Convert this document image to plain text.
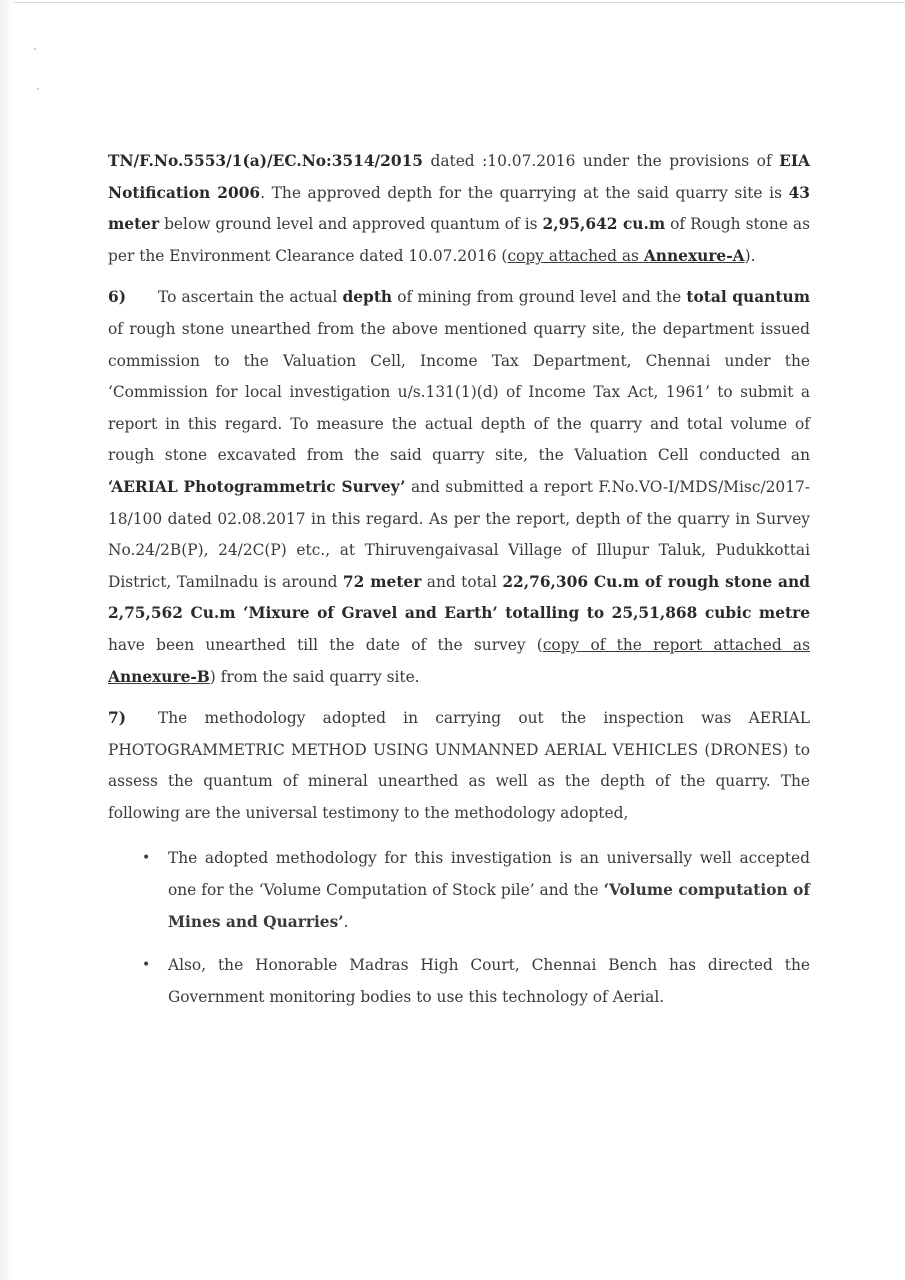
TN/F.No.5553/1(a)/EC.No:3514/2015 dated :10.07.2016 under the provisions of EIA Notification 2006. The approved depth for the quarrying at the said quarry site is 43 meter below ground level and approved quantum of is 2,95,642 cu.m of Rough stone as per the Environment Clearance dated 10.07.2016 (copy attached as Annexure-A).

6) To ascertain the actual depth of mining from ground level and the total quantum of rough stone unearthed from the above mentioned quarry site, the department issued commission to the Valuation Cell, Income Tax Department, Chennai under the ‘Commission for local investigation u/s.131(1)(d) of Income Tax Act, 1961’ to submit a report in this regard. To measure the actual depth of the quarry and total volume of rough stone excavated from the said quarry site, the Valuation Cell conducted an ‘AERIAL Photogrammetric Survey’ and submitted a report F.No.VO-I/MDS/Misc/2017-18/100 dated 02.08.2017 in this regard. As per the report, depth of the quarry in Survey No.24/2B(P), 24/2C(P) etc., at Thiruvengaivasal Village of Illupur Taluk, Pudukkottai District, Tamilnadu is around 72 meter and total 22,76,306 Cu.m of rough stone and 2,75,562 Cu.m ‘Mixure of Gravel and Earth’ totalling to 25,51,868 cubic metre have been unearthed till the date of the survey (copy of the report attached as Annexure-B) from the said quarry site.

7) The methodology adopted in carrying out the inspection was AERIAL PHOTOGRAMMETRIC METHOD USING UNMANNED AERIAL VEHICLES (DRONES) to assess the quantum of mineral unearthed as well as the depth of the quarry. The following are the universal testimony to the methodology adopted,

• The adopted methodology for this investigation is an universally well accepted one for the ‘Volume Computation of Stock pile’ and the ‘Volume computation of Mines and Quarries’.
• Also, the Honorable Madras High Court, Chennai Bench has directed the Government monitoring bodies to use this technology of Aerial.
